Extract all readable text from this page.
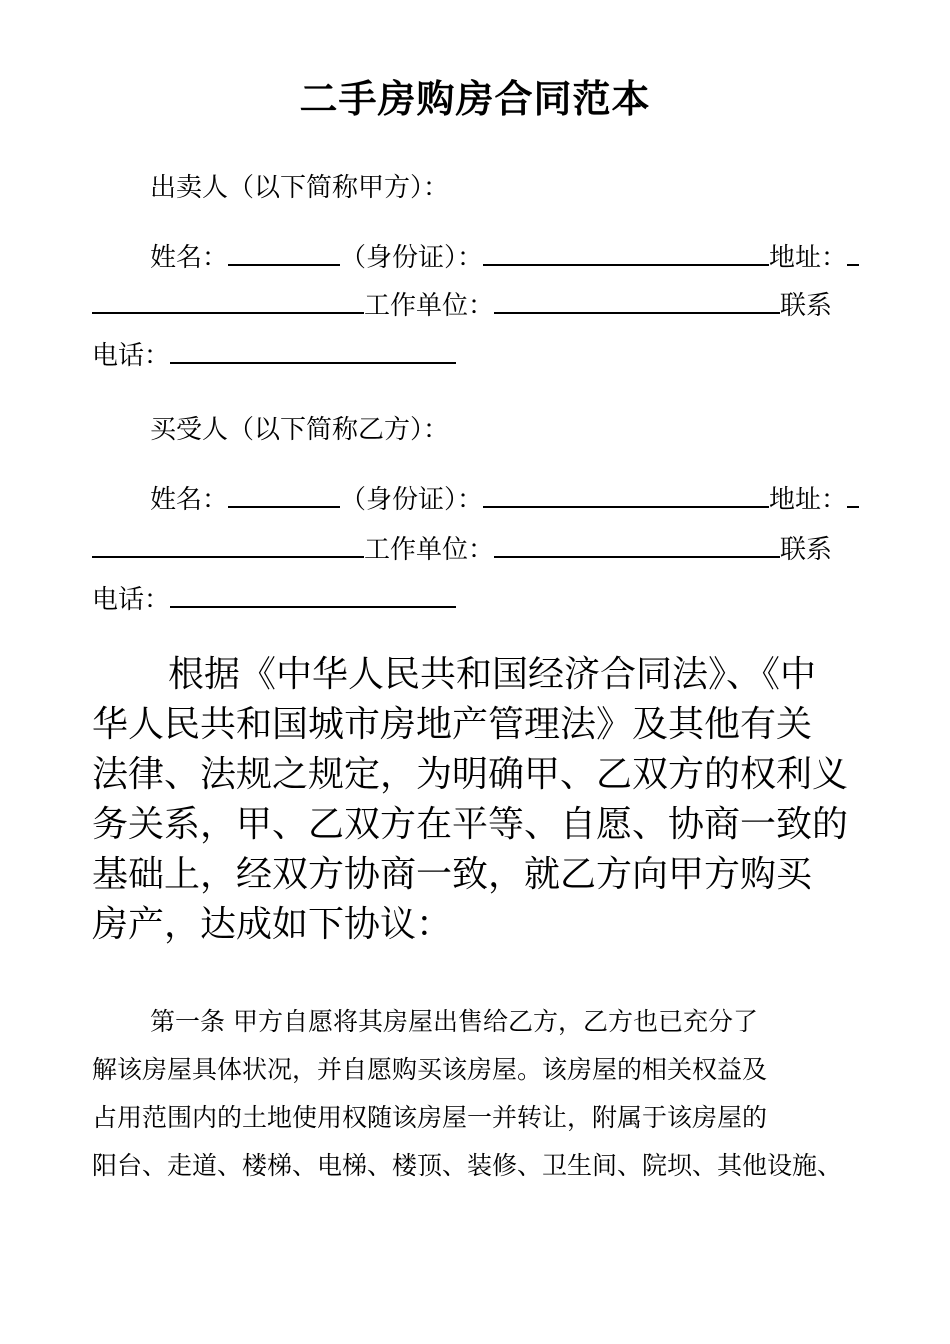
二手房购房合同范本
出卖人（以下简称甲方）：
姓名：	（身份证）：	地址：
工作单位：	联系
电话：
买受人（以下简称乙方）：
姓名：	（身份证）：	地址：
工作单位：	联系
电话：
根据《中华人民共和国经济合同法》、《中
华人民共和国城市房地产管理法》及其他有关
法律、法规之规定，为明确甲、乙双方的权利义
务关系，甲、乙双方在平等、自愿、协商一致的
基础上，经双方协商一致，就乙方向甲方购买
房产，达成如下协议：
第一条 甲方自愿将其房屋出售给乙方，乙方也已充分了
解该房屋具体状况，并自愿购买该房屋。该房屋的相关权益及
占用范围内的土地使用权随该房屋一并转让，附属于该房屋的
阳台、走道、楼梯、电梯、楼顶、装修、卫生间、院坝、其他设施、
